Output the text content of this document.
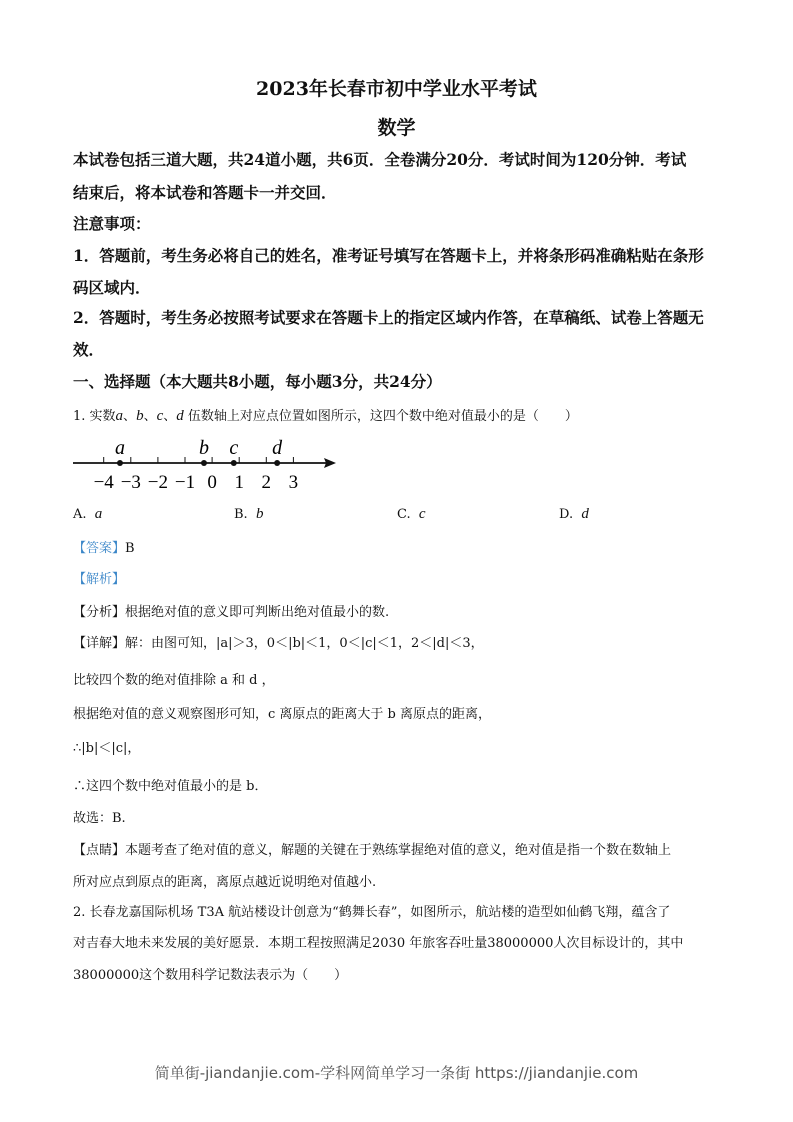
2023年长春市初中学业水平考试
数学
本试卷包括三道大题，共24道小题，共6页．全卷满分20分．考试时间为120分钟．考试
结束后，将本试卷和答题卡一并交回．
注意事项：
1．答题前，考生务必将自己的姓名，准考证号填写在答题卡上，并将条形码准确粘贴在条形
码区域内．
2．答题时，考生务必按照考试要求在答题卡上的指定区域内作答，在草稿纸、试卷上答题无
效．
一、选择题（本大题共8小题，每小题3分，共24分）
1. 实数a、b、c、d 伍数轴上对应点位置如图所示，这四个数中绝对值最小的是（　　）
−4 −3 −2 −1 0 1 2 3
a	b c d
A. a	B. b	C. c	D. d
【答案】B
【解析】
【分析】根据绝对值的意义即可判断出绝对值最小的数.
【详解】解：由图可知，|a|＞3，0＜|b|＜1，0＜|c|＜1，2＜|d|＜3，
比较四个数的绝对值排除 a 和 d ，
根据绝对值的意义观察图形可知，c 离原点的距离大于 b 离原点的距离，
∴|b|＜|c|，
∴这四个数中绝对值最小的是 b．
故选：B.
【点睛】本题考查了绝对值的意义，解题的关键在于熟练掌握绝对值的意义，绝对值是指一个数在数轴上
所对应点到原点的距离，离原点越近说明绝对值越小.
2. 长春龙嘉国际机场 T3A 航站楼设计创意为“鹤舞长春”，如图所示，航站楼的造型如仙鹤飞翔，蕴含了
对吉春大地未来发展的美好愿景．本期工程按照满足2030 年旅客吞吐量38000000人次目标设计的，其中
38000000这个数用科学记数法表示为（　　）
简单街-jiandanjie.com-学科网简单学习一条街 https://jiandanjie.com
